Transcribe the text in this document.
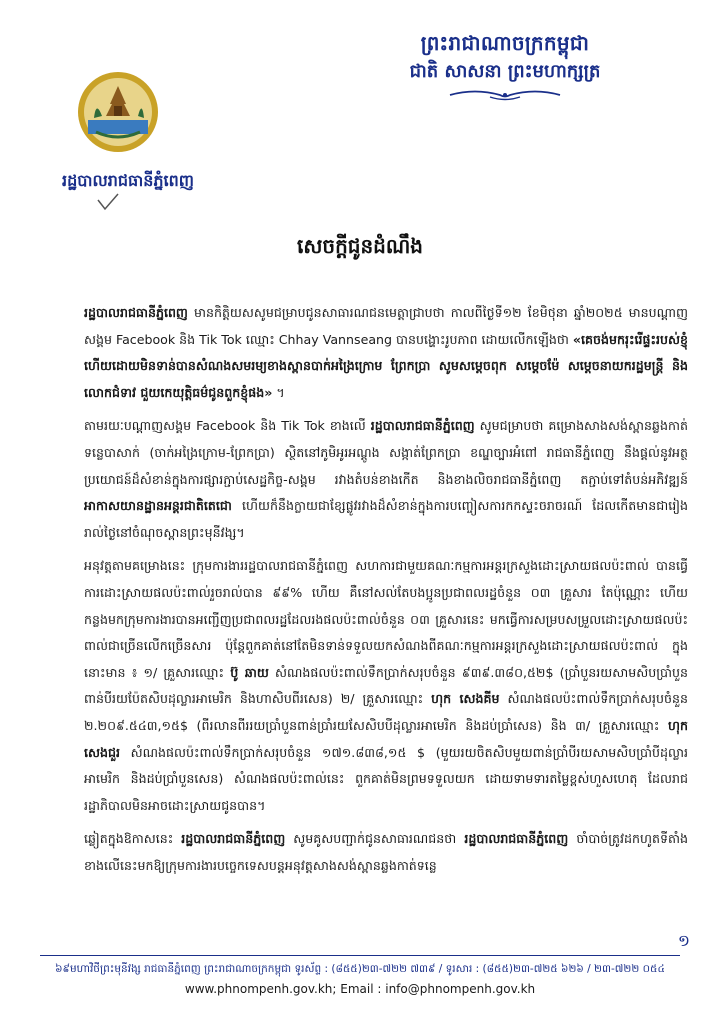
ព្រះរាជាណាចក្រកម្ពុជា
ជាតិ សាសនា ព្រះមហាក្សត្រ
រដ្ឋបាលរាជធានីភ្នំពេញ
សេចក្តីជូនដំណឹង

រដ្ឋបាលរាជធានីភ្នំពេញ មានកិត្តិយសសូមជម្រាបជូនសាធារណជនមេត្តាជ្រាបថា កាលពីថ្ងៃទី១២ ខែមិថុនា ឆ្នាំ២០២៥ មានបណ្តាញសង្គម Facebook និង Tik Tok ឈ្មោះ Chhay Vannseang បានបង្ហោះរូបភាព ដោយលើកឡើងថា «គេចង់មករុះរើផ្ទះរបស់ខ្ញុំហើយដោយមិនទាន់បានសំណងសមរម្យខាងស្ពានបាក់អង្រៃក្រោម ព្រែកប្រា សូមសម្តេចពុក សម្តេចម៉ែ សម្តេចនាយករដ្ឋមន្ត្រី និងលោកជំទាវ ជួយកេយុត្តិធម៌ជូនពួកខ្ញុំផង» ។

តាមរយៈបណ្តាញសង្គម Facebook និង Tik Tok ខាងលើ រដ្ឋបាលរាជធានីភ្នំពេញ សូមជម្រាបថា គម្រោងសាងសង់ស្ពានឆ្លងកាត់ទន្លេបាសាក់ (ចាក់អង្រៃក្រោម-ព្រែកប្រា) ស្ថិតនៅភូមិអូរអណ្តូង សង្កាត់ព្រែកប្រា ខណ្ឌច្បារអំពៅ រាជធានីភ្នំពេញ នឹងផ្តល់នូវអត្ថប្រយោជន៍ដ៏សំខាន់ក្នុងការផ្សារភ្ជាប់សេដ្ឋកិច្ច-សង្គម រវាងតំបន់ខាងកើត និងខាងលិចរាជធានីភ្នំពេញ តភ្ជាប់ទៅតំបន់អភិវឌ្ឍន៍អាកាសយានដ្ឋានអន្តរជាតិតេជោ ហើយក៏នឹងក្លាយជាខ្សែផ្លូវរវាងដ៏សំខាន់ក្នុងការបញ្ចៀសការកកស្ទះចរាចរណ៍ ដែលកើតមានជារៀងរាល់ថ្ងៃនៅចំណុចស្ពានព្រះមុនីវង្ស។

អនុវត្តតាមគម្រោងនេះ ក្រុមការងាររដ្ឋបាលរាជធានីភ្នំពេញ សហការជាមួយគណៈកម្មការអន្តរក្រសួងដោះស្រាយផលប៉ះពាល់ បានធ្វើការដោះស្រាយផលប៉ះពាល់រួចរាល់បាន ៩៩% ហើយ គឺនៅសល់តែបងប្អូនប្រជាពលរដ្ឋចំនួន ០៣ គ្រួសារ តែប៉ុណ្ណោះ ហើយកន្លងមកក្រុមការងារបានអញ្ជើញប្រជាពលរដ្ឋដែលរងផលប៉ះពាល់ចំនួន ០៣ គ្រួសារនេះ មកធ្វើការសម្របសម្រួលដោះស្រាយផលប៉ះពាល់ជាច្រើនលើកច្រើនសារ ប៉ុន្តែពួកគាត់នៅតែមិនទាន់ទទួលយកសំណងពីគណៈកម្មការអន្តរក្រសួងដោះស្រាយផលប៉ះពាល់ ក្នុងនោះមាន ៖ ១/ គ្រួសារឈ្មោះ ប៊ូ ឆាយ សំណងផលប៉ះពាល់ទឹកប្រាក់សរុបចំនួន ៩៣៩.៣៨០,៥២$ (ប្រាំបួនរយសាមសិបប្រាំបួនពាន់បីរយប៉ែតសិបដុល្លារអាមេរិក និងហាសិបពីរសេន) ២/ គ្រួសារឈ្មោះ ហុក សេងគីម សំណងផលប៉ះពាល់ទឹកប្រាក់សរុបចំនួន ២.២០៩.៥៤៣,១៥$ (ពីរលានពីររយប្រាំបួនពាន់ប្រាំរយសែសិបបីដុល្លារអាមេរិក និងដប់ប្រាំសេន) និង ៣/ គ្រួសារឈ្មោះ ហុក សេងជួរ សំណងផលប៉ះពាល់ទឹកប្រាក់សរុបចំនួន ១៧១.៨៣៨,១៥ $ (មួយរយចិតសិបមួយពាន់ប្រាំបីរយសាមសិបប្រាំបីដុល្លារអាមេរិក និងដប់ប្រាំបួនសេន) សំណងផលប៉ះពាល់នេះ ពួកគាត់មិនព្រមទទួលយក ដោយទាមទារតម្លៃខ្ពស់ហួសហេតុ ដែលរាជរដ្ឋាភិបាលមិនអាចដោះស្រាយជូនបាន។

ឆ្លៀតក្នុងឱកាសនេះ រដ្ឋបាលរាជធានីភ្នំពេញ សូមគូសបញ្ជាក់ជូនសាធារណជនថា រដ្ឋបាលរាជធានីភ្នំពេញ ចាំបាច់ត្រូវដកហូតទីតាំងខាងលើនេះមកឱ្យក្រុមការងារបច្ចេកទេសបន្តអនុវត្តសាងសង់ស្ពានឆ្លងកាត់ទន្លេ

១
៦៩មហាវិថីព្រះមុនីវង្ស រាជធានីភ្នំពេញ ព្រះរាជាណាចក្រកម្ពុជា ទូរស័ព្ទ : (៨៥៥)២៣-៧២២ ៧៣៩ / ទូរសារ : (៨៥៥)២៣-៧២៥ ៦២៦ / ២៣-៧២២ ០៥៤
www.phnompenh.gov.kh; Email : info@phnompenh.gov.kh
